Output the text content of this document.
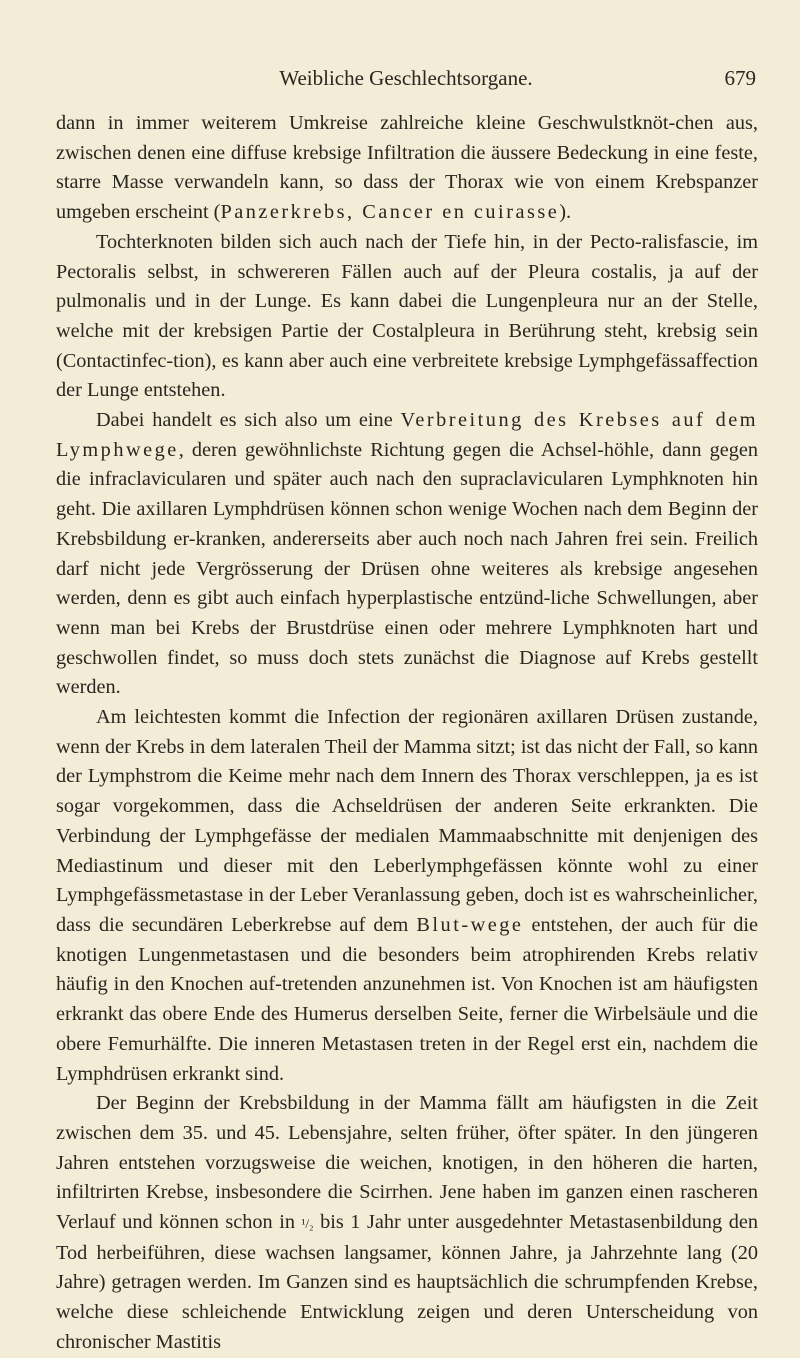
Weibliche Geschlechtsorgane.	679

dann in immer weiterem Umkreise zahlreiche kleine Geschwulstknöt-chen aus, zwischen denen eine diffuse krebsige Infiltration die äussere Bedeckung in eine feste, starre Masse verwandeln kann, so dass der Thorax wie von einem Krebspanzer umgeben erscheint (Panzerkrebs, Cancer en cuirasse).

Tochterknoten bilden sich auch nach der Tiefe hin, in der Pecto-ralisfascie, im Pectoralis selbst, in schwereren Fällen auch auf der Pleura costalis, ja auf der pulmonalis und in der Lunge. Es kann dabei die Lungenpleura nur an der Stelle, welche mit der krebsigen Partie der Costalpleura in Berührung steht, krebsig sein (Contactinfec-tion), es kann aber auch eine verbreitete krebsige Lymphgefässaffection der Lunge entstehen.

Dabei handelt es sich also um eine Verbreitung des Krebses auf dem Lymphwege, deren gewöhnlichste Richtung gegen die Achsel-höhle, dann gegen die infraclavicularen und später auch nach den supraclavicularen Lymphknoten hin geht. Die axillaren Lymphdrüsen können schon wenige Wochen nach dem Beginn der Krebsbildung er-kranken, andererseits aber auch noch nach Jahren frei sein. Freilich darf nicht jede Vergrösserung der Drüsen ohne weiteres als krebsige angesehen werden, denn es gibt auch einfach hyperplastische entzünd-liche Schwellungen, aber wenn man bei Krebs der Brustdrüse einen oder mehrere Lymphknoten hart und geschwollen findet, so muss doch stets zunächst die Diagnose auf Krebs gestellt werden.

Am leichtesten kommt die Infection der regionären axillaren Drüsen zustande, wenn der Krebs in dem lateralen Theil der Mamma sitzt; ist das nicht der Fall, so kann der Lymphstrom die Keime mehr nach dem Innern des Thorax verschleppen, ja es ist sogar vorgekommen, dass die Achseldrüsen der anderen Seite erkrankten. Die Verbindung der Lymphgefässe der medialen Mammaabschnitte mit denjenigen des Mediastinum und dieser mit den Leberlymphgefässen könnte wohl zu einer Lymphgefässmetastase in der Leber Veranlassung geben, doch ist es wahrscheinlicher, dass die secundären Leberkrebse auf dem Blut-wege entstehen, der auch für die knotigen Lungenmetastasen und die besonders beim atrophirenden Krebs relativ häufig in den Knochen auf-tretenden anzunehmen ist. Von Knochen ist am häufigsten erkrankt das obere Ende des Humerus derselben Seite, ferner die Wirbelsäule und die obere Femurhälfte. Die inneren Metastasen treten in der Regel erst ein, nachdem die Lymphdrüsen erkrankt sind.

Der Beginn der Krebsbildung in der Mamma fällt am häufigsten in die Zeit zwischen dem 35. und 45. Lebensjahre, selten früher, öfter später. In den jüngeren Jahren entstehen vorzugsweise die weichen, knotigen, in den höheren die harten, infiltrirten Krebse, insbesondere die Scirrhen. Jene haben im ganzen einen rascheren Verlauf und können schon in ¹/₂ bis 1 Jahr unter ausgedehnter Metastasenbildung den Tod herbeiführen, diese wachsen langsamer, können Jahre, ja Jahrzehnte lang (20 Jahre) getragen werden. Im Ganzen sind es hauptsächlich die schrumpfenden Krebse, welche diese schleichende Entwicklung zeigen und deren Unterscheidung von chronischer Mastitis
